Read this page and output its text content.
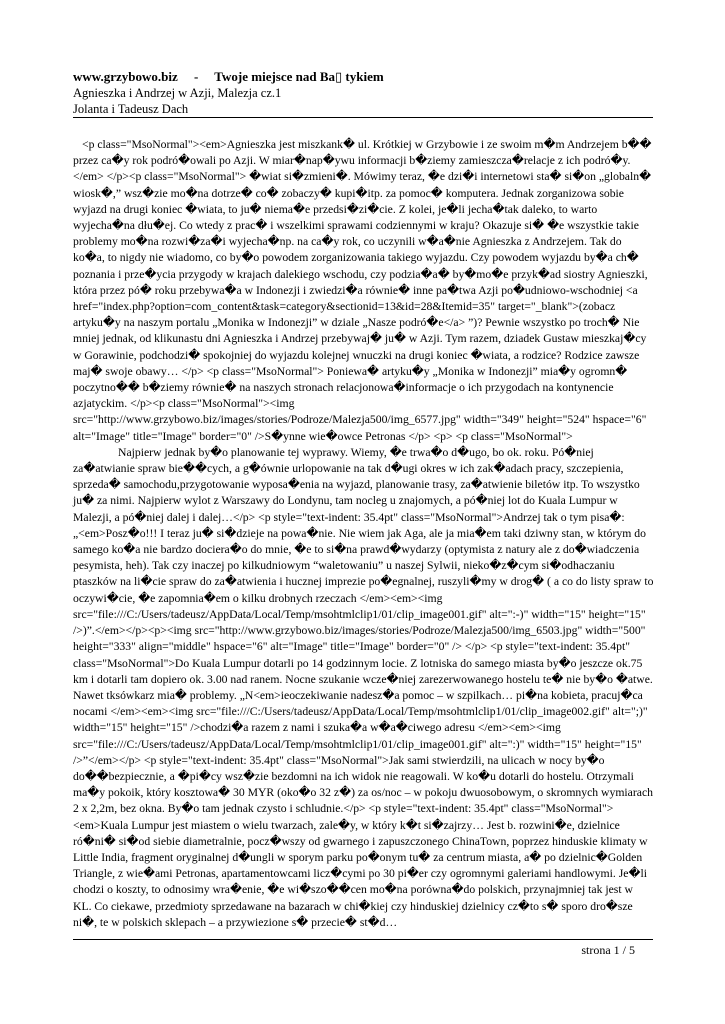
www.grzybowo.biz     -     Twoje miejsce nad Ba▯ tykiem
Agnieszka i Andrzej w Azji, Malezja cz.1
Jolanta i Tadeusz Dach

<p class="MsoNormal"><em>Agnieszka jest miszkank� ul. Krótkiej w Grzybowie i ze swoim m�m Andrzejem b�� przez ca�y rok podró�owali po Azji. W miar�nap�ywu informacji b�ziemy zamieszcza�relacje z ich podró�y. </em> </p><p class="MsoNormal"> �wiat si�zmieni�. Mówimy teraz, �e dzi�i internetowi sta� si�on „globaln� wiosk�,” wsz�zie mo�na dotrze� co� zobaczy� kupi�itp. za pomoc� komputera. Jednak zorganizowa sobie wyjazd na drugi koniec �wiata, to ju� niema�e przedsi�zi�cie. Z kolei, je�li jecha�tak daleko, to warto wyjecha�na dłu�ej. Co wtedy z prac� i wszelkimi sprawami codziennymi w kraju? Okazuje si� �e wszystkie takie problemy mo�na rozwi�za�i wyjecha�np. na ca�y rok, co uczynili w�a�nie Agnieszka z Andrzejem. Tak do ko�a, to nigdy nie wiadomo, co by�o powodem zorganizowania takiego wyjazdu. Czy powodem wyjazdu by�a ch� poznania i prze�ycia przygody w krajach dalekiego wschodu, czy podzia�a� by�mo�e przyk�ad siostry Agnieszki, która przez pó� roku przebywa�a w Indonezji i zwiedzi�a równie� inne pa�twa Azji po�udniowo-wschodniej <a href="index.php?option=com_content&task=category&sectionid=13&id=28&Itemid=35" target="_blank">(zobacz artyku�y na naszym portalu „Monika w Indonezji” w dziale „Nasze podró�e</a> ”)? Pewnie wszystko po troch� Nie mniej jednak, od klikunastu dni Agnieszka i Andrzej przebywaj� ju� w Azji. Tym razem, dziadek Gustaw mieszkaj�cy w Gorawinie, podchodzi� spokojniej do wyjazdu kolejnej wnuczki na drugi koniec �wiata, a rodzice? Rodzice zawsze maj� swoje obawy… </p> <p class="MsoNormal"> Poniewa� artyku�y „Monika w Indonezji” mia�y ogromn� poczytno�� b�ziemy równie� na naszych stronach relacjonowa�informacje o ich przygodach na kontynencie azjatyckim. </p><p class="MsoNormal"><img src="http://www.grzybowo.biz/images/stories/Podroze/Malezja500/img_6577.jpg" width="349" height="524" hspace="6" alt="Image" title="Image" border="0" />S�ynne wie�owce Petronas </p> <p> <p class="MsoNormal">

Najpierw jednak by�o planowanie tej wyprawy. Wiemy, �e trwa�o d�ugo, bo ok. roku. Pó�niej za�atwianie spraw bie��cych, a g�ównie urlopowanie na tak d�ugi okres w ich zak�adach pracy, szczepienia, sprzeda� samochodu,przygotowanie wyposa�enia na wyjazd, planowanie trasy, za�atwienie biletów itp. To wszystko ju� za nimi. Najpierw wylot z Warszawy do Londynu, tam nocleg u znajomych, a pó�niej lot do Kuala Lumpur w Malezji, a pó�niej dalej i dalej…</p> <p style="text-indent: 35.4pt" class="MsoNormal">Andrzej tak o tym pisa�: „<em>Posz�o!!! I teraz ju� si�dzieje na powa�nie. Nie wiem jak Aga, ale ja mia�em taki dziwny stan, w którym do samego ko�a nie bardzo dociera�o do mnie, �e to si�na prawd�wydarzy (optymista z natury ale z do�wiadczenia pesymista, heh). Tak czy inaczej po kilkudniowym “waletowaniu” u naszej Sylwii, nieko�z�cym si�odhaczaniu ptaszków na li�cie spraw do za�atwienia i hucznej imprezie po�egnalnej, ruszyli�my w drog� ( a co do listy spraw to oczywi�cie, �e zapomnia�em o kilku drobnych rzeczach </em><em><img src="file:///C:/Users/tadeusz/AppData/Local/Temp/msohtmlclip1/01/clip_image001.gif" alt=":-)" width="15" height="15" />)”.</em></p><p><img src="http://www.grzybowo.biz/images/stories/Podroze/Malezja500/img_6503.jpg" width="500" height="333" align="middle" hspace="6" alt="Image" title="Image" border="0" /> </p> <p style="text-indent: 35.4pt" class="MsoNormal">Do Kuala Lumpur dotarli po 14 godzinnym locie. Z lotniska do samego miasta by�o jeszcze ok.75 km i dotarli tam dopiero ok. 3.00 nad ranem. Nocne szukanie wcze�niej zarezerwowanego hostelu te� nie by�o �atwe. Nawet tksówkarz mia� problemy. „N<em>ieoczekiwanie nadesz�a pomoc – w szpilkach… pi�na kobieta, pracuj�ca nocami </em><em><img src="file:///C:/Users/tadeusz/AppData/Local/Temp/msohtmlclip1/01/clip_image002.gif" alt=";)" width="15" height="15" />chodzi�a razem z nami i szuka�a w�a�ciwego adresu </em><em><img src="file:///C:/Users/tadeusz/AppData/Local/Temp/msohtmlclip1/01/clip_image001.gif" alt=":)" width="15" height="15" />”</em></p> <p style="text-indent: 35.4pt" class="MsoNormal">Jak sami stwierdzili, na ulicach w nocy by�o do��bezpiecznie, a �pi�cy wsz�zie bezdomni na ich widok nie reagowali. W ko�u dotarli do hostelu. Otrzymali ma�y pokoik, który kosztowa� 30 MYR (oko�o 32 z�) za os/noc – w pokoju dwuosobowym, o skromnych wymiarach 2 x 2,2m, bez okna. By�o tam jednak czysto i schludnie.</p> <p style="text-indent: 35.4pt" class="MsoNormal"><em>Kuala Lumpur jest miastem o wielu twarzach, zale�y, w który k�t si�zajrzy… Jest b. rozwini�e, dzielnice ró�ni� si�od siebie diametralnie, pocz�wszy od gwarnego i zapuszczonego ChinaTown, poprzez hinduskie klimaty w Little India, fragment oryginalnej d�ungli w sporym parku po�onym tu� za centrum miasta, a� po dzielnic�Golden Triangle, z wie�ami Petronas, apartamentowcami licz�cymi po 30 pi�er czy ogromnymi galeriami handlowymi. Je�li chodzi o koszty, to odnosimy wra�enie, �e wi�szo��cen mo�na porówna�do polskich, przynajmniej tak jest w KL. Co ciekawe, przedmioty sprzedawane na bazarach w chi�kiej czy hinduskiej dzielnicy cz�to s� sporo dro�sze ni�, te w polskich sklepach – a przywiezione s� przecie� st�d…

strona 1 / 5
